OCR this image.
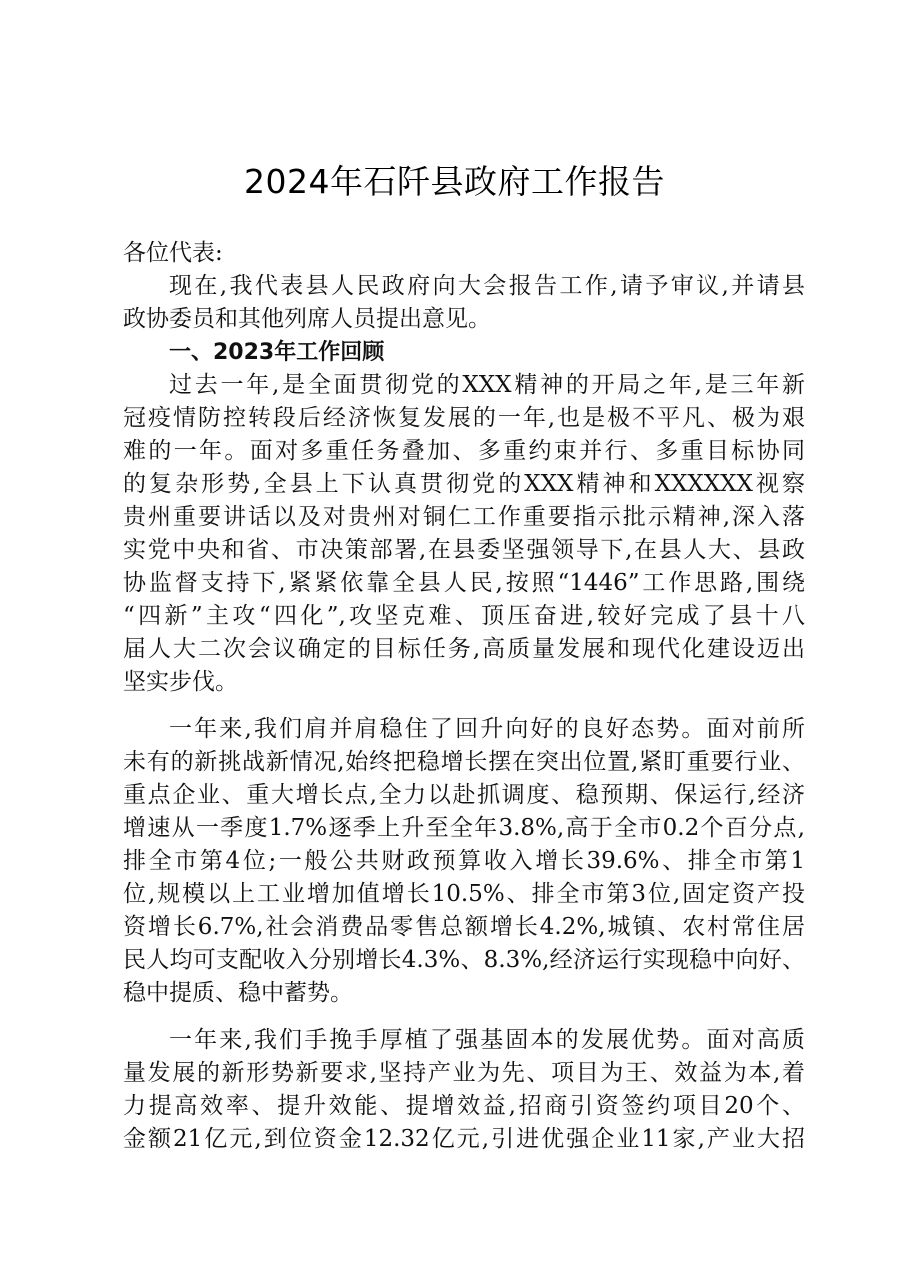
2024年石阡县政府工作报告

各位代表:

现在,我代表县人民政府向大会报告工作,请予审议,并请县

政协委员和其他列席人员提出意见。

一、2023年工作回顾

过去一年,是全面贯彻党的XXX精神的开局之年,是三年新

冠疫情防控转段后经济恢复发展的一年,也是极不平凡、极为艰

难的一年。面对多重任务叠加、多重约束并行、多重目标协同

的复杂形势,全县上下认真贯彻党的XXX精神和XXXXXX视察

贵州重要讲话以及对贵州对铜仁工作重要指示批示精神,深入落

实党中央和省、市决策部署,在县委坚强领导下,在县人大、县政

协监督支持下,紧紧依靠全县人民,按照“1446”工作思路,围绕

“四新”主攻“四化”,攻坚克难、顶压奋进,较好完成了县十八

届人大二次会议确定的目标任务,高质量发展和现代化建设迈出

坚实步伐。

一年来,我们肩并肩稳住了回升向好的良好态势。面对前所

未有的新挑战新情况,始终把稳增长摆在突出位置,紧盯重要行业、

重点企业、重大增长点,全力以赴抓调度、稳预期、保运行,经济

增速从一季度1.7%逐季上升至全年3.8%,高于全市0.2个百分点,

排全市第4位;一般公共财政预算收入增长39.6%、排全市第1

位,规模以上工业增加值增长10.5%、排全市第3位,固定资产投

资增长6.7%,社会消费品零售总额增长4.2%,城镇、农村常住居

民人均可支配收入分别增长4.3%、8.3%,经济运行实现稳中向好、

稳中提质、稳中蓄势。

一年来,我们手挽手厚植了强基固本的发展优势。面对高质

量发展的新形势新要求,坚持产业为先、项目为王、效益为本,着

力提高效率、提升效能、提增效益,招商引资签约项目20个、

金额21亿元,到位资金12.32亿元,引进优强企业11家,产业大招
